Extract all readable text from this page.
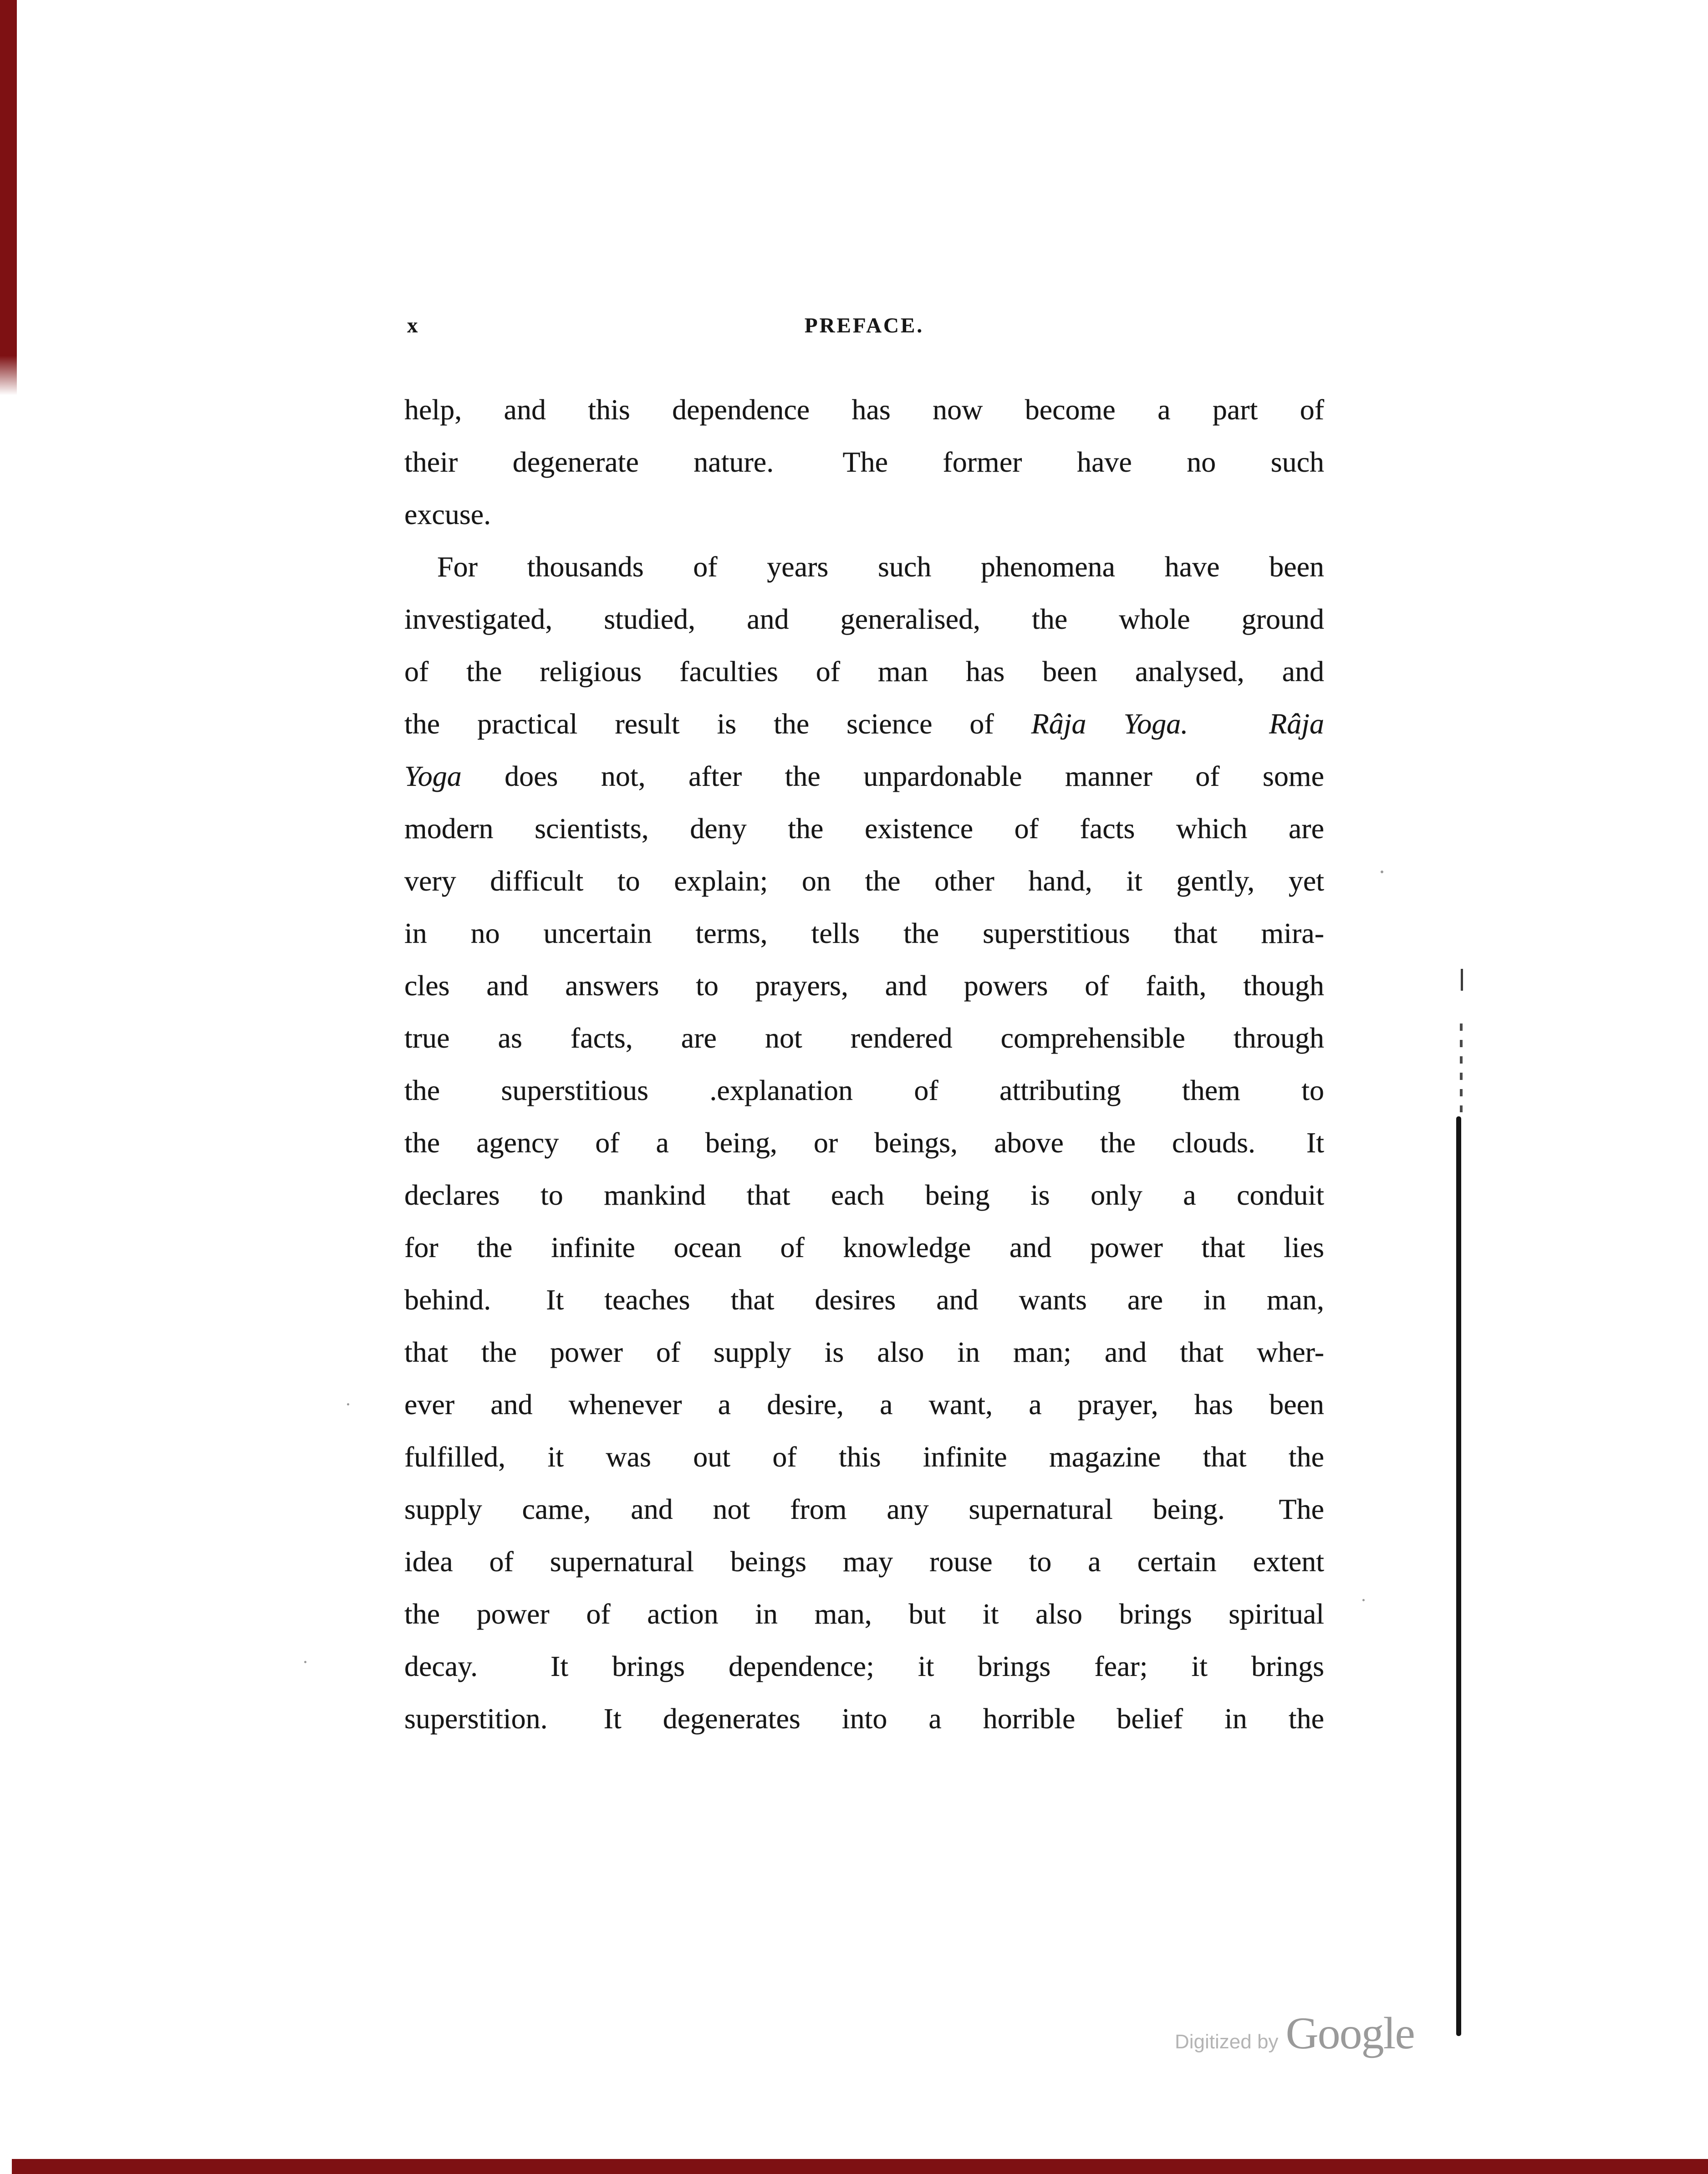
x	PREFACE.
help, and this dependence has now become a part of
their degenerate nature.  The former have no such
excuse.
For thousands of years such phenomena have been
investigated, studied, and generalised, the whole ground
of the religious faculties of man has been analysed, and
the practical result is the science of Râja Yoga.  	Râja
Yoga does not, after the unpardonable manner of some
modern scientists, deny the existence of facts which are
very difficult to explain; on the other hand, it gently, yet
in no uncertain terms, tells the superstitious that mira-
cles and answers to prayers, and powers of faith, though
true as facts, are not rendered comprehensible through
the superstitious .explanation of attributing them to
the agency of a being, or beings, above the clouds.  It
declares to mankind that each being is only a conduit
for the infinite ocean of knowledge and power that lies
behind.  It teaches that desires and wants are in man,
that the power of supply is also in man; and that wher-
ever and whenever a desire, a want, a prayer, has been
fulfilled, it was out of this infinite magazine that the
supply came, and not from any supernatural being.  The
idea of supernatural beings may rouse to a certain extent
the power of action in man, but it also brings spiritual
decay.   It brings dependence; it brings fear; it brings
superstition.  It degenerates into a horrible belief in the
Digitized by Google
